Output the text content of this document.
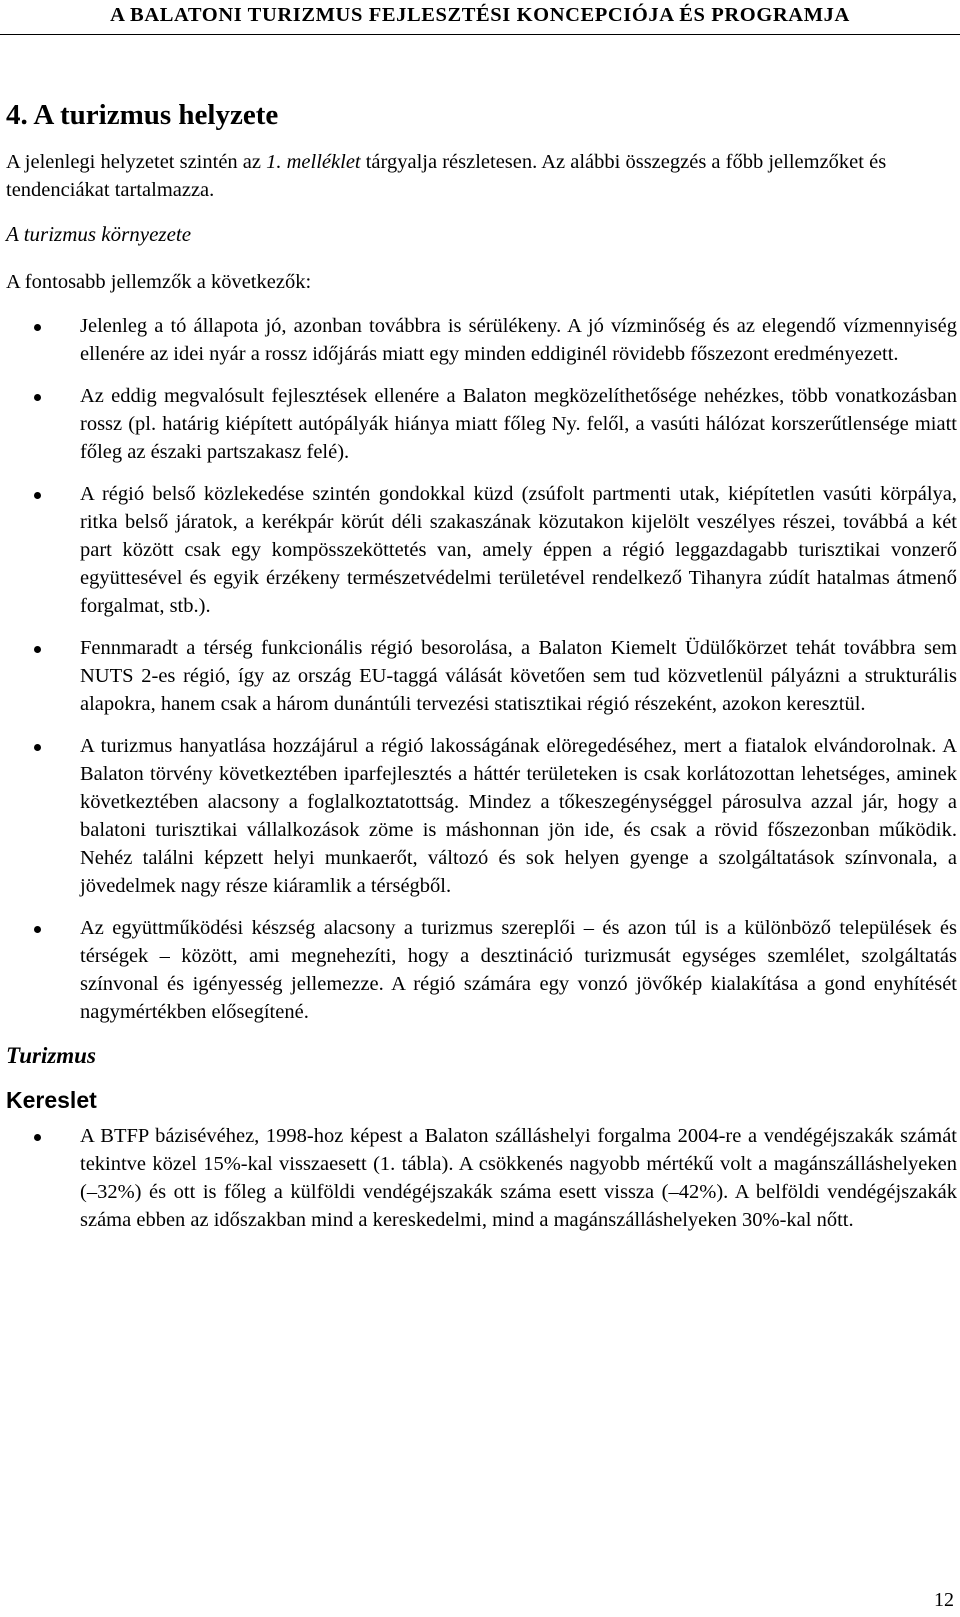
A BALATONI TURIZMUS FEJLESZTÉSI KONCEPCIÓJA ÉS PROGRAMJA
4. A turizmus helyzete
A jelenlegi helyzetet szintén az 1. melléklet tárgyalja részletesen. Az alábbi összegzés a főbb jellemzőket és tendenciákat tartalmazza.
A turizmus környezete
A fontosabb jellemzők a következők:
Jelenleg a tó állapota jó, azonban továbbra is sérülékeny. A jó vízminőség és az elegendő vízmennyiség ellenére az idei nyár a rossz időjárás miatt egy minden eddiginél rövidebb főszezont eredményezett.
Az eddig megvalósult fejlesztések ellenére a Balaton megközelíthetősége nehézkes, több vonatkozásban rossz (pl. határig kiépített autópályák hiánya miatt főleg Ny. felől, a vasúti hálózat korszerűtlensége miatt főleg az északi partszakasz felé).
A régió belső közlekedése szintén gondokkal küzd (zsúfolt partmenti utak, kiépítetlen vasúti körpálya, ritka belső járatok, a kerékpár körút déli szakaszának közutakon kijelölt veszélyes részei, továbbá a két part között csak egy kompösszeköttetés van, amely éppen a régió leggazdagabb turisztikai vonzerő együttesével és egyik érzékeny természetvédelmi területével rendelkező Tihanyra zúdít hatalmas átmenő forgalmat, stb.).
Fennmaradt a térség funkcionális régió besorolása, a Balaton Kiemelt Üdülőkörzet tehát továbbra sem NUTS 2-es régió, így az ország EU-taggá válását követően sem tud közvetlenül pályázni a strukturális alapokra, hanem csak a három dunántúli tervezési statisztikai régió részeként, azokon keresztül.
A turizmus hanyatlása hozzájárul a régió lakosságának elöregedéséhez, mert a fiatalok elvándorolnak. A Balaton törvény következtében iparfejlesztés a háttér területeken is csak korlátozottan lehetséges, aminek következtében alacsony a foglalkoztatottság. Mindez a tőkeszegénységgel párosulva azzal jár, hogy a balatoni turisztikai vállalkozások zöme is máshonnan jön ide, és csak a rövid főszezonban működik. Nehéz találni képzett helyi munkaerőt, változó és sok helyen gyenge a szolgáltatások színvonala, a jövedelmek nagy része kiáramlik a térségből.
Az együttműködési készség alacsony a turizmus szereplői – és azon túl is a különböző települések és térségek – között, ami megnehezíti, hogy a desztináció turizmusát egységes szemlélet, szolgáltatás színvonal és igényesség jellemezze. A régió számára egy vonzó jövőkép kialakítása a gond enyhítését nagymértékben elősegítené.
Turizmus
Kereslet
A BTFP bázisévéhez, 1998-hoz képest a Balaton szálláshelyi forgalma 2004-re a vendégéjszakák számát tekintve közel 15%-kal visszaesett (1. tábla). A csökkenés nagyobb mértékű volt a magánszálláshelyeken (–32%) és ott is főleg a külföldi vendégéjszakák száma esett vissza (–42%). A belföldi vendégéjszakák száma ebben az időszakban mind a kereskedelmi, mind a magánszálláshelyeken 30%-kal nőtt.
12
